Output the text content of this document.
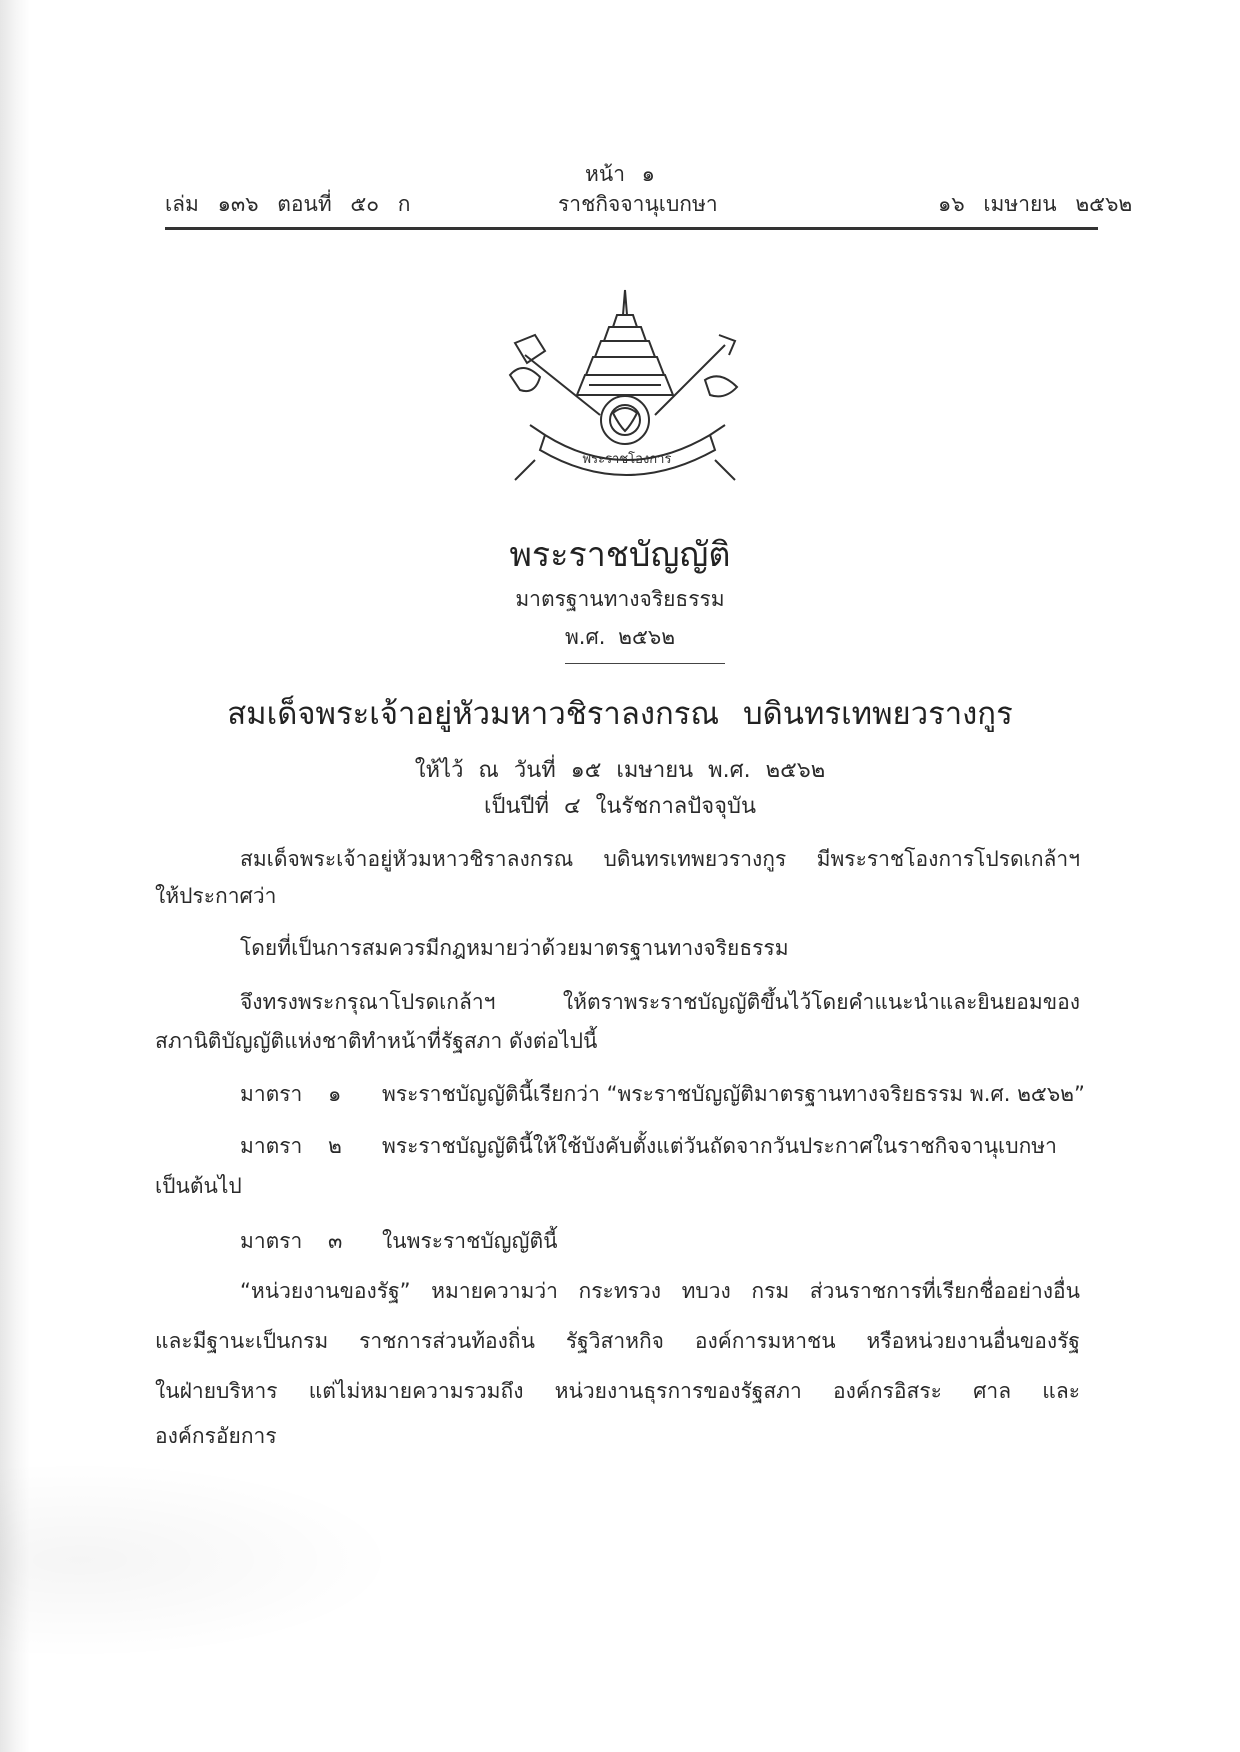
หน้า ๑
เล่ม ๑๓๖ ตอนที่ ๕๐ ก	ราชกิจจานุเบกษา	๑๖ เมษายน ๒๕๖๒
พระราชโองการ
พระราชบัญญัติ
มาตรฐานทางจริยธรรม
พ.ศ. ๒๕๖๒
สมเด็จพระเจ้าอยู่หัวมหาวชิราลงกรณ บดินทรเทพยวรางกูร
ให้ไว้ ณ วันที่ ๑๕ เมษายน พ.ศ. ๒๕๖๒
เป็นปีที่ ๔ ในรัชกาลปัจจุบัน
สมเด็จพระเจ้าอยู่หัวมหาวชิราลงกรณ บดินทรเทพยวรางกูร มีพระราชโองการโปรดเกล้าฯ
ให้ประกาศว่า
โดยที่เป็นการสมควรมีกฎหมายว่าด้วยมาตรฐานทางจริยธรรม
จึงทรงพระกรุณาโปรดเกล้าฯ ให้ตราพระราชบัญญัติขึ้นไว้โดยคำแนะนำและยินยอมของ
สภานิติบัญญัติแห่งชาติทำหน้าที่รัฐสภา ดังต่อไปนี้
มาตรา ๑ พระราชบัญญัตินี้เรียกว่า “พระราชบัญญัติมาตรฐานทางจริยธรรม พ.ศ. ๒๕๖๒”
มาตรา ๒ พระราชบัญญัตินี้ให้ใช้บังคับตั้งแต่วันถัดจากวันประกาศในราชกิจจานุเบกษา
เป็นต้นไป
มาตรา ๓ ในพระราชบัญญัตินี้
“หน่วยงานของรัฐ” หมายความว่า กระทรวง ทบวง กรม ส่วนราชการที่เรียกชื่ออย่างอื่น
และมีฐานะเป็นกรม ราชการส่วนท้องถิ่น รัฐวิสาหกิจ องค์การมหาชน หรือหน่วยงานอื่นของรัฐ
ในฝ่ายบริหาร แต่ไม่หมายความรวมถึง หน่วยงานธุรการของรัฐสภา องค์กรอิสระ ศาล และ
องค์กรอัยการ
